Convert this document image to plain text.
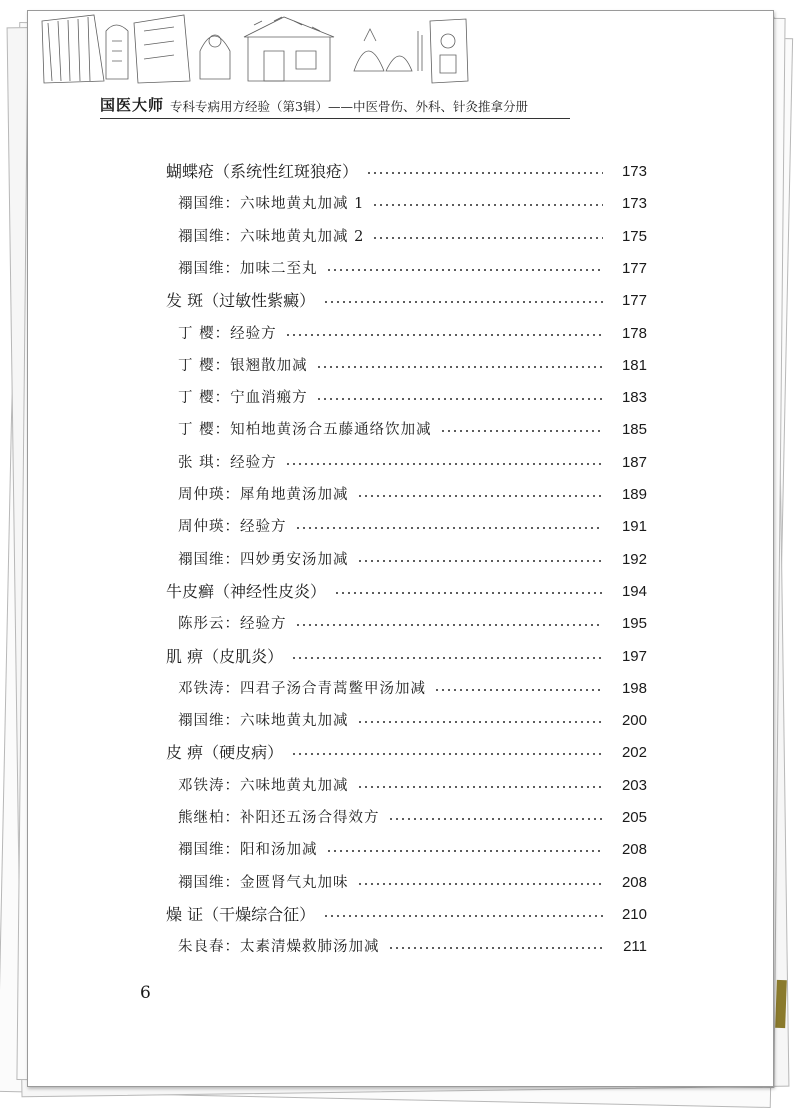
国医大师 专科专病用方经验（第3辑）——中医骨伤、外科、针灸推拿分册
蝴蝶疮（系统性红斑狼疮）	173
禤国维：六味地黄丸加减 1	173
禤国维：六味地黄丸加减 2	175
禤国维：加味二至丸	177
发 斑（过敏性紫癜）	177
丁 樱：经验方	178
丁 樱：银翘散加减	181
丁 樱：宁血消瘢方	183
丁 樱：知柏地黄汤合五藤通络饮加减	185
张 琪：经验方	187
周仲瑛：犀角地黄汤加减	189
周仲瑛：经验方	191
禤国维：四妙勇安汤加减	192
牛皮癣（神经性皮炎）	194
陈彤云：经验方	195
肌 痹（皮肌炎）	197
邓铁涛：四君子汤合青蒿鳖甲汤加减	198
禤国维：六味地黄丸加减	200
皮 痹（硬皮病）	202
邓铁涛：六味地黄丸加减	203
熊继柏：补阳还五汤合得效方	205
禤国维：阳和汤加减	208
禤国维：金匮肾气丸加味	208
燥 证（干燥综合征）	210
朱良春：太素清燥救肺汤加减	211
6
